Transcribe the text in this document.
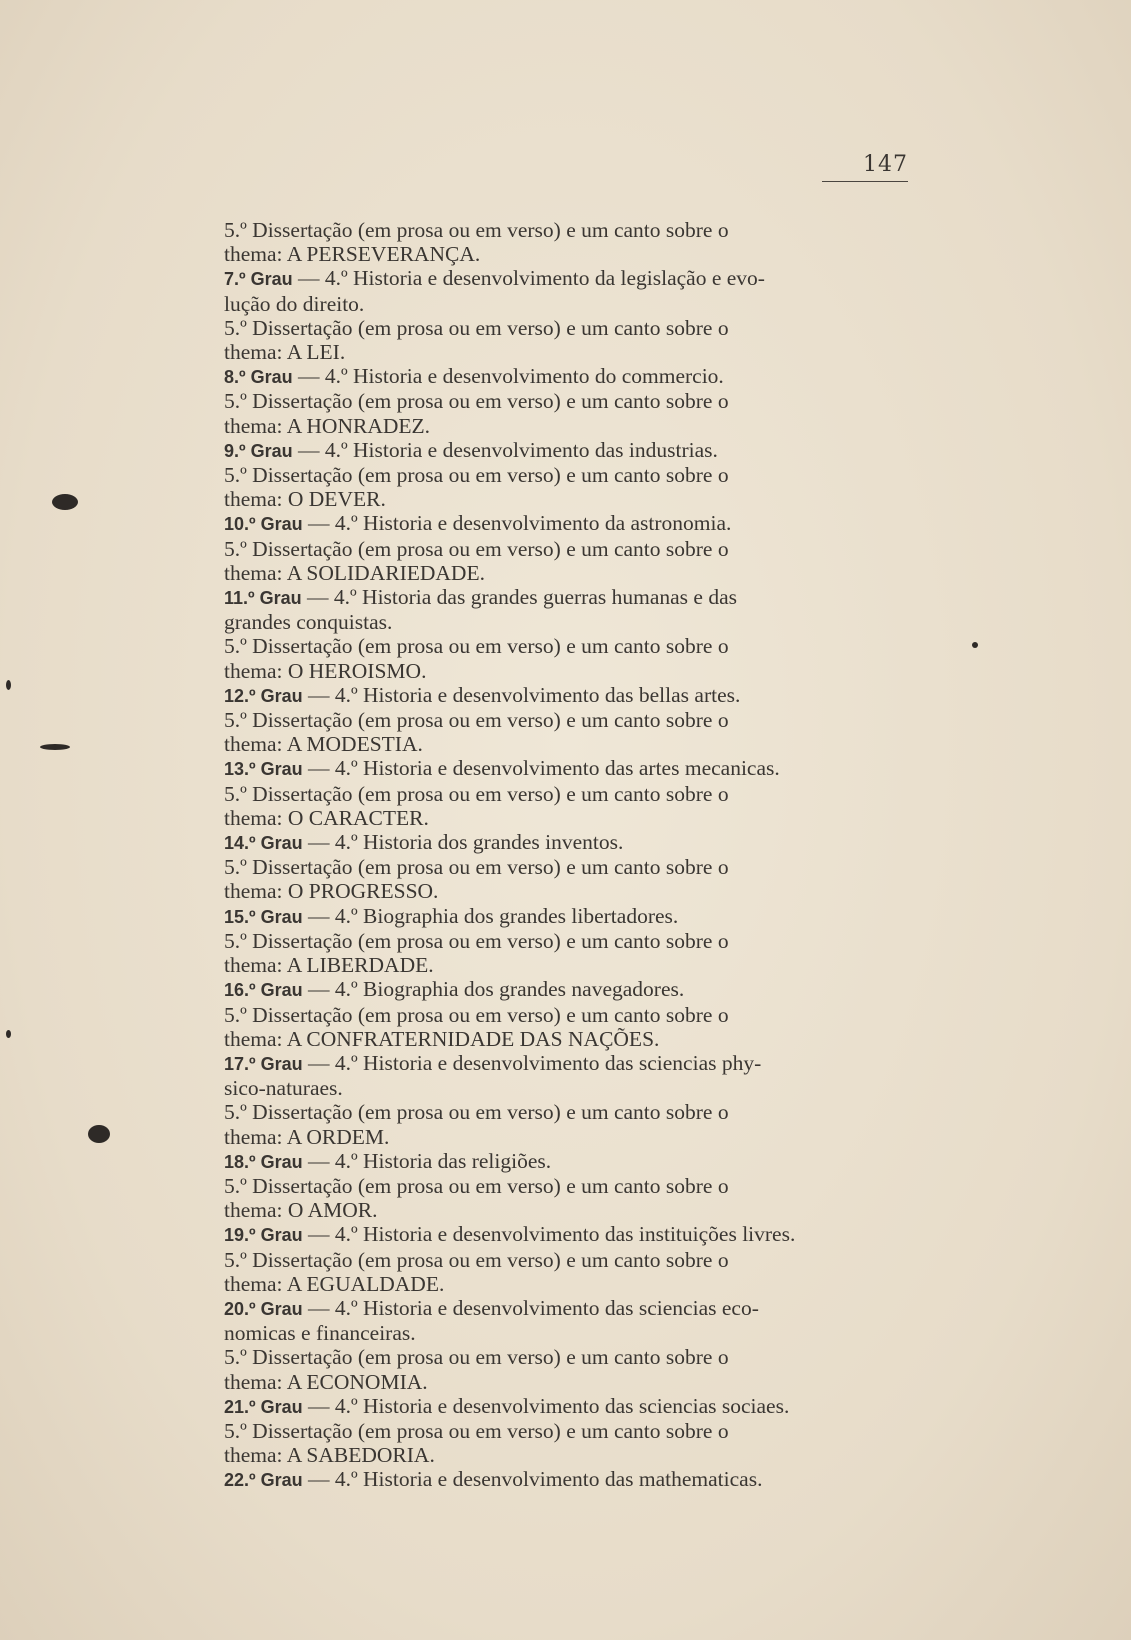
147

5.º Dissertação (em prosa ou em verso) e um canto sobre o
thema: A PERSEVERANÇA.

7.º Grau — 4.º Historia e desenvolvimento da legislação e evo-

lução do direito.

5.º Dissertação (em prosa ou em verso) e um canto sobre o
thema: A LEI.

8.º Grau — 4.º Historia e desenvolvimento do commercio.

5.º Dissertação (em prosa ou em verso) e um canto sobre o
thema: A HONRADEZ.

9.º Grau — 4.º Historia e desenvolvimento das industrias.

5.º Dissertação (em prosa ou em verso) e um canto sobre o
thema: O DEVER.

10.º Grau — 4.º Historia e desenvolvimento da astronomia.

5.º Dissertação (em prosa ou em verso) e um canto sobre o
thema: A SOLIDARIEDADE.

11.º Grau — 4.º Historia das grandes guerras humanas e das

grandes conquistas.

5.º Dissertação (em prosa ou em verso) e um canto sobre o
thema: O HEROISMO.

12.º Grau — 4.º Historia e desenvolvimento das bellas artes.

5.º Dissertação (em prosa ou em verso) e um canto sobre o
thema: A MODESTIA.

13.º Grau — 4.º Historia e desenvolvimento das artes mecanicas.

5.º Dissertação (em prosa ou em verso) e um canto sobre o
thema: O CARACTER.

14.º Grau — 4.º Historia dos grandes inventos.

5.º Dissertação (em prosa ou em verso) e um canto sobre o
thema: O PROGRESSO.

15.º Grau — 4.º Biographia dos grandes libertadores.

5.º Dissertação (em prosa ou em verso) e um canto sobre o
thema: A LIBERDADE.

16.º Grau — 4.º Biographia dos grandes navegadores.

5.º Dissertação (em prosa ou em verso) e um canto sobre o
thema: A CONFRATERNIDADE DAS NAÇÕES.

17.º Grau — 4.º Historia e desenvolvimento das sciencias phy-

sico-naturaes.

5.º Dissertação (em prosa ou em verso) e um canto sobre o
thema: A ORDEM.

18.º Grau — 4.º Historia das religiões.

5.º Dissertação (em prosa ou em verso) e um canto sobre o
thema: O AMOR.

19.º Grau — 4.º Historia e desenvolvimento das instituições livres.

5.º Dissertação (em prosa ou em verso) e um canto sobre o
thema: A EGUALDADE.

20.º Grau — 4.º Historia e desenvolvimento das sciencias eco-

nomicas e financeiras.

5.º Dissertação (em prosa ou em verso) e um canto sobre o
thema: A ECONOMIA.

21.º Grau — 4.º Historia e desenvolvimento das sciencias sociaes.

5.º Dissertação (em prosa ou em verso) e um canto sobre o
thema: A SABEDORIA.

22.º Grau — 4.º Historia e desenvolvimento das mathematicas.
